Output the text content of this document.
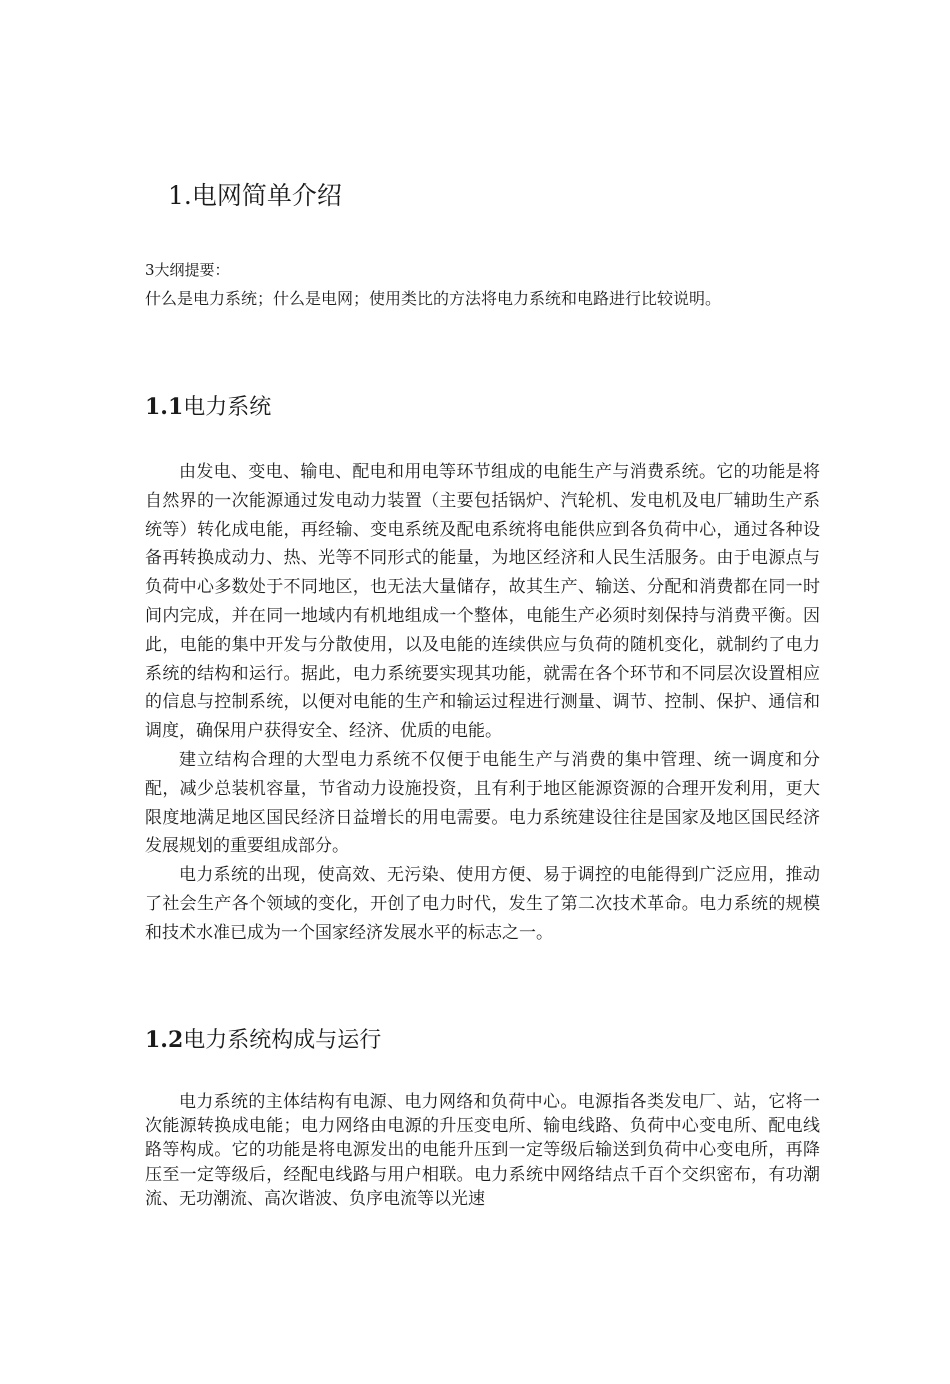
1.电网简单介绍

3大纲提要：

什么是电力系统；什么是电网；使用类比的方法将电力系统和电路进行比较说明。

1.1电力系统

由发电、变电、输电、配电和用电等环节组成的电能生产与消费系统。它的功能是将自然界的一次能源通过发电动力装置（主要包括锅炉、汽轮机、发电机及电厂辅助生产系统等）转化成电能，再经输、变电系统及配电系统将电能供应到各负荷中心，通过各种设备再转换成动力、热、光等不同形式的能量，为地区经济和人民生活服务。由于电源点与负荷中心多数处于不同地区，也无法大量储存，故其生产、输送、分配和消费都在同一时间内完成，并在同一地域内有机地组成一个整体，电能生产必须时刻保持与消费平衡。因此，电能的集中开发与分散使用，以及电能的连续供应与负荷的随机变化，就制约了电力系统的结构和运行。据此，电力系统要实现其功能，就需在各个环节和不同层次设置相应的信息与控制系统，以便对电能的生产和输运过程进行测量、调节、控制、保护、通信和调度，确保用户获得安全、经济、优质的电能。

建立结构合理的大型电力系统不仅便于电能生产与消费的集中管理、统一调度和分配，减少总装机容量，节省动力设施投资，且有利于地区能源资源的合理开发利用，更大限度地满足地区国民经济日益增长的用电需要。电力系统建设往往是国家及地区国民经济发展规划的重要组成部分。

电力系统的出现，使高效、无污染、使用方便、易于调控的电能得到广泛应用，推动了社会生产各个领域的变化，开创了电力时代，发生了第二次技术革命。电力系统的规模和技术水准已成为一个国家经济发展水平的标志之一。

1.2电力系统构成与运行

电力系统的主体结构有电源、电力网络和负荷中心。电源指各类发电厂、站，它将一次能源转换成电能；电力网络由电源的升压变电所、输电线路、负荷中心变电所、配电线路等构成。它的功能是将电源发出的电能升压到一定等级后输送到负荷中心变电所，再降压至一定等级后，经配电线路与用户相联。电力系统中网络结点千百个交织密布，有功潮流、无功潮流、高次谐波、负序电流等以光速
